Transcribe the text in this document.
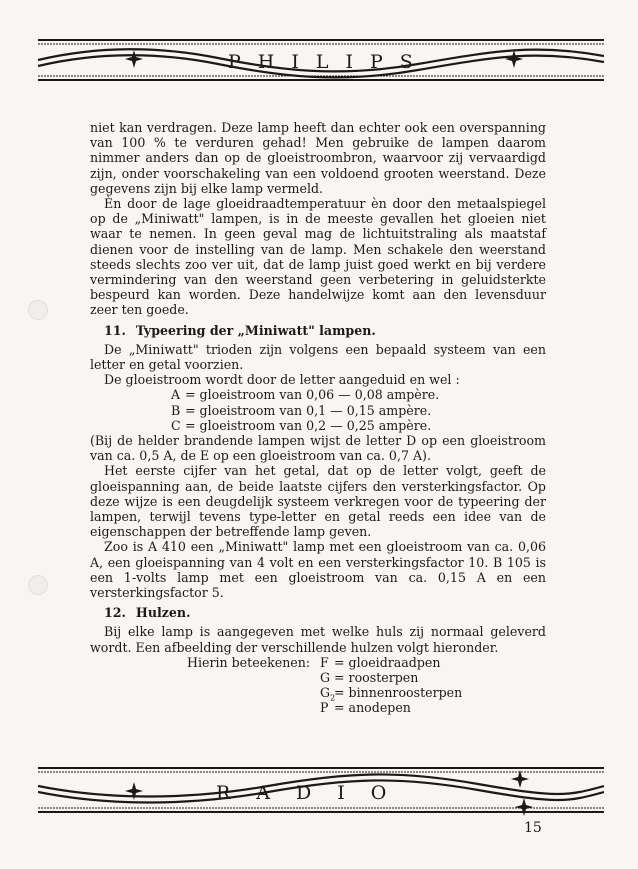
PHILIPS

niet kan verdragen. Deze lamp heeft dan echter ook een overspanning van 100 % te verduren gehad! Men gebruike de lampen daarom nimmer anders dan op de gloeistroombron, waarvoor zij vervaardigd zijn, onder voorschakeling van een voldoend grooten weerstand. Deze gegevens zijn bij elke lamp vermeld.

Èn door de lage gloeidraadtemperatuur èn door den metaalspiegel op de „Miniwatt" lampen, is in de meeste gevallen het gloeien niet waar te nemen. In geen geval mag de lichtuitstraling als maatstaf dienen voor de instelling van de lamp. Men schakele den weerstand steeds slechts zoo ver uit, dat de lamp juist goed werkt en bij verdere vermindering van den weerstand geen verbetering in geluidsterkte bespeurd kan worden. Deze handelwijze komt aan den levensduur zeer ten goede.

11. Typeering der „Miniwatt" lampen.

De „Miniwatt" trioden zijn volgens een bepaald systeem van een letter en getal voorzien.

De gloeistroom wordt door de letter aangeduid en wel :

A = gloeistroom van 0,06 — 0,08 ampère.
B = gloeistroom van 0,1 — 0,15 ampère.
C = gloeistroom van 0,2 — 0,25 ampère.

(Bij de helder brandende lampen wijst de letter D op een gloeistroom van ca. 0,5 A, de E op een gloeistroom van ca. 0,7 A).

Het eerste cijfer van het getal, dat op de letter volgt, geeft de gloeispanning aan, de beide laatste cijfers den versterkingsfactor. Op deze wijze is een deugdelijk systeem verkregen voor de typeering der lampen, terwijl tevens type-letter en getal reeds een idee van de eigenschappen der betreffende lamp geven.

Zoo is A 410 een „Miniwatt" lamp met een gloeistroom van ca. 0,06 A, een gloeispanning van 4 volt en een versterkingsfactor 10. B 105 is een 1-volts lamp met een gloeistroom van ca. 0,15 A en een versterkingsfactor 5.

12. Hulzen.

Bij elke lamp is aangegeven met welke huls zij normaal geleverd wordt. Een afbeelding der verschillende hulzen volgt hieronder.

Hierin beteekenen: F = gloeidraadpen
G = roosterpen
$G_2=$ binnenroosterpen
P = anodepen
RADIO
15
